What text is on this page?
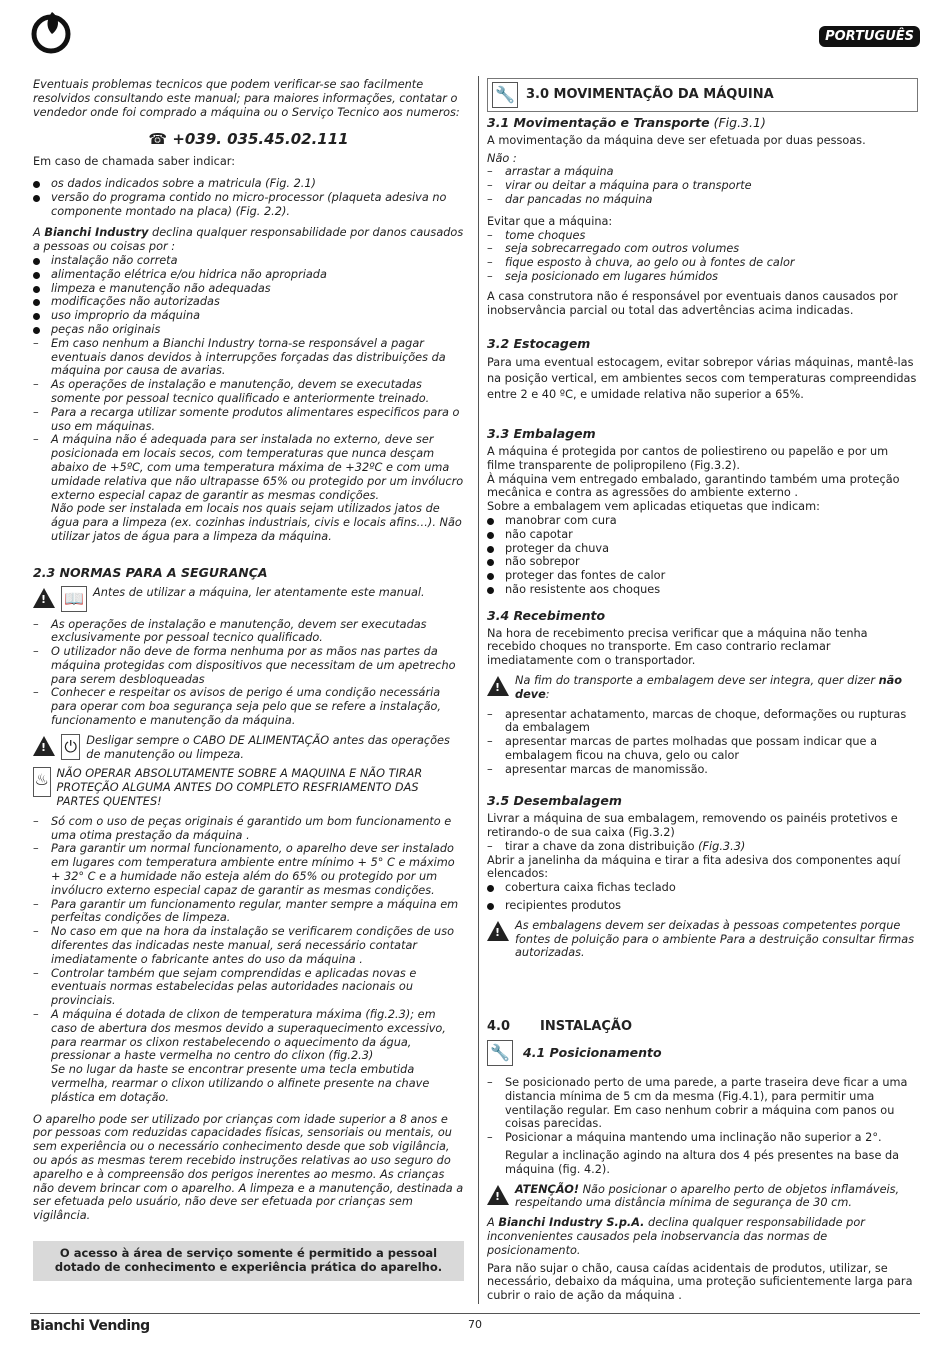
PORTUGUÊS

Eventuais problemas tecnicos que podem verificar-se sao facilmente resolvidos consultando este manual; para maiores informações, contatar o vendedor onde foi comprado a máquina ou o Serviço Tecnico aos numeros:

☎ +039. 035.45.02.111

Em caso de chamada saber indicar:

os dados indicados sobre a matricula (Fig. 2.1)
versão do programa contido no micro-processor (plaqueta adesiva no componente montado na placa) (Fig. 2.2).

A Bianchi Industry declina qualquer responsabilidade por danos causados a pessoas ou coisas por :

instalação não correta
alimentação elétrica e/ou hidrica não apropriada
limpeza e manutenção não adequadas
modificações não autorizadas
uso improprio da máquina
peças não originais
– Em caso nenhum a Bianchi Industry torna-se responsável a pagar eventuais danos devidos à interrupções forçadas das distribuições da máquina por causa de avarias.
– As operações de instalação e manutenção, devem se executadas somente por pessoal tecnico qualificado e anteriormente treinado.
– Para a recarga utilizar somente produtos alimentares especificos para o uso em máquinas.
– A máquina não é adequada para ser instalada no externo, deve ser posicionada em locais secos, com temperaturas que nunca desçam abaixo de +5ºC, com uma temperatura máxima de +32ºC e com uma umidade relativa que não ultrapasse 65% ou protegido por um invólucro externo especial capaz de garantir as mesmas condições.

Não pode ser instalada em locais nos quais sejam utilizados jatos de água para a limpeza (ex. cozinhas industriais, civis e locais afins…). Não utilizar jatos de água para a limpeza da máquina.

2.3 NORMAS PARA A SEGURANÇA
!
📖 Antes de utilizar a máquina, ler atentamente este manual.
– As operações de instalação e manutenção, devem ser executadas exclusivamente por pessoal tecnico qualificado.
– O utilizador não deve de forma nenhuma por as mãos nas partes da máquina protegidas com dispositivos que necessitam de um apetrecho para serem desbloqueadas
– Conhecer e respeitar os avisos de perigo é uma condição necessária para operar com boa segurança seja pelo que se refere a instalação, funcionamento e manutenção da máquina.
!
⏻ Desligar sempre o CABO DE ALIMENTAÇÃO antes das operações de manutenção ou limpeza.
♨ NÃO OPERAR ABSOLUTAMENTE SOBRE A MAQUINA E NÃO TIRAR PROTEÇÃO ALGUMA ANTES DO COMPLETO RESFRIAMENTO DAS PARTES QUENTES!
– Só com o uso de peças originais é garantido um bom funcionamento e uma otima prestação da máquina .
– Para garantir um normal funcionamento, o aparelho deve ser instalado em lugares com temperatura ambiente entre mínimo + 5° C e máximo + 32° C e a humidade não esteja além do 65% ou protegido por um invólucro externo especial capaz de garantir as mesmas condições.
– Para garantir um funcionamento regular, manter sempre a máquina em perfeitas condições de limpeza.
– No caso em que na hora da instalação se verificarem condições de uso diferentes das indicadas neste manual, será necessário contatar imediatamente o fabricante antes do uso da máquina .
– Controlar também que sejam comprendidas e aplicadas novas e eventuais normas estabelecidas pelas autoridades nacionais ou provinciais.
– A máquina é dotada de clixon de temperatura máxima (fig.2.3); em caso de abertura dos mesmos devido a superaquecimento excessivo, para rearmar os clixon restabelecendo o aquecimento da água, pressionar a haste vermelha no centro do clixon (fig.2.3)

Se no lugar da haste se encontrar presente uma tecla embutida vermelha, rearmar o clixon utilizando o alfinete presente na chave plástica em dotação.

O aparelho pode ser utilizado por crianças com idade superior a 8 anos e por pessoas com reduzidas capacidades físicas, sensoriais ou mentais, ou sem experiência ou o necessário conhecimento desde que sob vigilância, ou após as mesmas terem recebido instruções relativas ao uso seguro do aparelho e à compreensão dos perigos inerentes ao mesmo. As crianças não devem brincar com o aparelho. A limpeza e a manutenção, destinada a ser efetuada pelo usuário, não deve ser efetuada por crianças sem vigilância.

O acesso à área de serviço somente é permitido a pessoal dotado de conhecimento e experiência prática do aparelho.
🔧 3.0 MOVIMENTAÇÃO DA MÁQUINA
3.1 Movimentação e Transporte (Fig.3.1)

A movimentação da máquina deve ser efetuada por duas pessoas.

Não :

– arrastar a máquina
– virar ou deitar a máquina para o transporte
– dar pancadas no máquina

Evitar que a máquina:

– tome choques
– seja sobrecarregado com outros volumes
– fique esposto à chuva, ao gelo ou à fontes de calor
– seja posicionado em lugares húmidos

A casa construtora não é responsável por eventuais danos causados por inobservância parcial ou total das advertências acima indicadas.

3.2 Estocagem

Para uma eventual estocagem, evitar sobrepor várias máquinas, mantê-las na posição vertical, em ambientes secos com temperaturas compreendidas entre 2 e 40 ºC, e umidade relativa não superior a 65%.

3.3 Embalagem

A máquina é protegida por cantos de poliestireno ou papelão e por um filme transparente de polipropileno (Fig.3.2).

À máquina vem entregado embalado, garantindo também uma proteção mecânica e contra as agressões do ambiente externo .

Sobre a embalagem vem aplicadas etiquetas que indicam:

manobrar com cura
não capotar
proteger da chuva
não sobrepor
proteger das fontes de calor
não resistente aos choques
3.4 Recebimento

Na hora de recebimento precisa verificar que a máquina não tenha recebido choques no transporte. Em caso contrario reclamar imediatamente com o transportador.

!
Na fim do transporte a embalagem deve ser integra, quer dizer não deve:
– apresentar achatamento, marcas de choque, deformações ou rupturas da embalagem
– apresentar marcas de partes molhadas que possam indicar que a embalagem ficou na chuva, gelo ou calor
– apresentar marcas de manomissão.
3.5 Desembalagem

Livrar a máquina de sua embalagem, removendo os painéis protetivos e retirando-o de sua caixa (Fig.3.2)

– tirar a chave da zona distribuição (Fig.3.3)

Abrir a janelinha da máquina e tirar a fita adesiva dos componentes aquí elencados:

cobertura caixa fichas teclado
recipientes produtos
!
As embalagens devem ser deixadas à pessoas competentes porque fontes de poluição para o ambiente Para a destruição consultar firmas autorizadas.
4.0 INSTALAÇÃO
🔧 4.1 Posicionamento
– Se posicionado perto de uma parede, a parte traseira deve ficar a uma distancia mínima de 5 cm da mesma (Fig.4.1), para permitir uma ventilação regular. Em caso nenhum cobrir a máquina com panos ou coisas parecidas.
– Posicionar a máquina mantendo uma inclinação não superior a 2°.

Regular a inclinação agindo na altura dos 4 pés presentes na base da máquina (fig. 4.2).

!
ATENÇÃO! Não posicionar o aparelho perto de objetos inflamáveis, respeitando uma distância mínima de segurança de 30 cm.

A Bianchi Industry S.p.A. declina qualquer responsabilidade por inconvenientes causados pela inobservancia das normas de posicionamento.

Para não sujar o chão, causa caídas acidentais de produtos, utilizar, se necessário, debaixo da máquina, uma proteção suficientemente larga para cubrir o raio de ação da máquina .

Bianchi Vending	70
